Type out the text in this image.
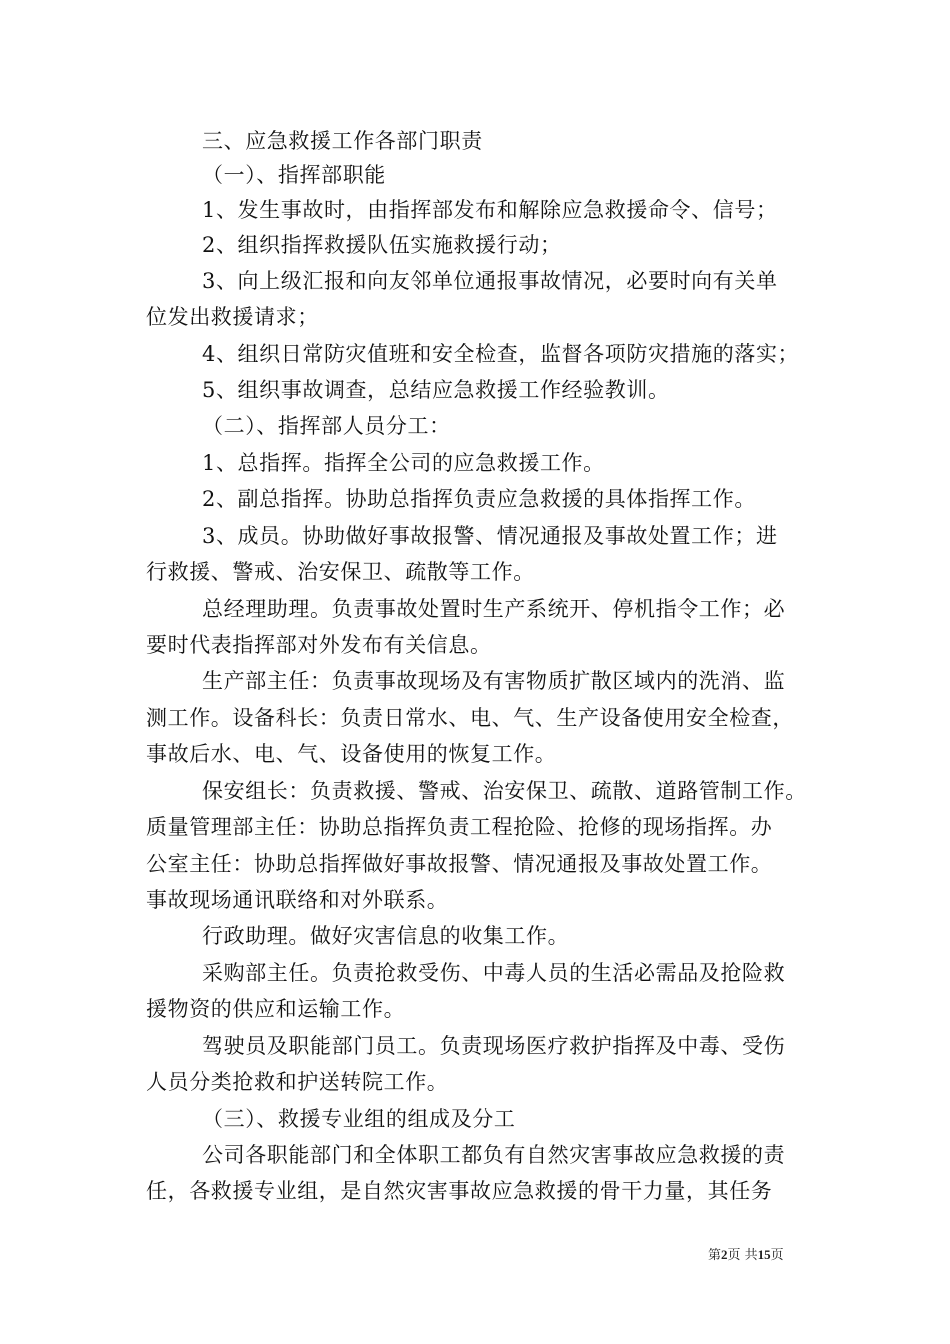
三、应急救援工作各部门职责
（一）、指挥部职能
1、发生事故时，由指挥部发布和解除应急救援命令、信号；
2、组织指挥救援队伍实施救援行动；
3、向上级汇报和向友邻单位通报事故情况，必要时向有关单
位发出救援请求；
4、组织日常防灾值班和安全检查，监督各项防灾措施的落实；
5、组织事故调查，总结应急救援工作经验教训。
（二）、指挥部人员分工：
1、总指挥。指挥全公司的应急救援工作。
2、副总指挥。协助总指挥负责应急救援的具体指挥工作。
3、成员。协助做好事故报警、情况通报及事故处置工作；进
行救援、警戒、治安保卫、疏散等工作。
总经理助理。负责事故处置时生产系统开、停机指令工作；必
要时代表指挥部对外发布有关信息。
生产部主任：负责事故现场及有害物质扩散区域内的洗消、监
测工作。设备科长：负责日常水、电、气、生产设备使用安全检查，
事故后水、电、气、设备使用的恢复工作。
保安组长：负责救援、警戒、治安保卫、疏散、道路管制工作。
质量管理部主任：协助总指挥负责工程抢险、抢修的现场指挥。办
公室主任：协助总指挥做好事故报警、情况通报及事故处置工作。
事故现场通讯联络和对外联系。
行政助理。做好灾害信息的收集工作。
采购部主任。负责抢救受伤、中毒人员的生活必需品及抢险救
援物资的供应和运输工作。
驾驶员及职能部门员工。负责现场医疗救护指挥及中毒、受伤
人员分类抢救和护送转院工作。
（三）、救援专业组的组成及分工
公司各职能部门和全体职工都负有自然灾害事故应急救援的责
任，各救援专业组，是自然灾害事故应急救援的骨干力量，其任务
第2页 共15页
